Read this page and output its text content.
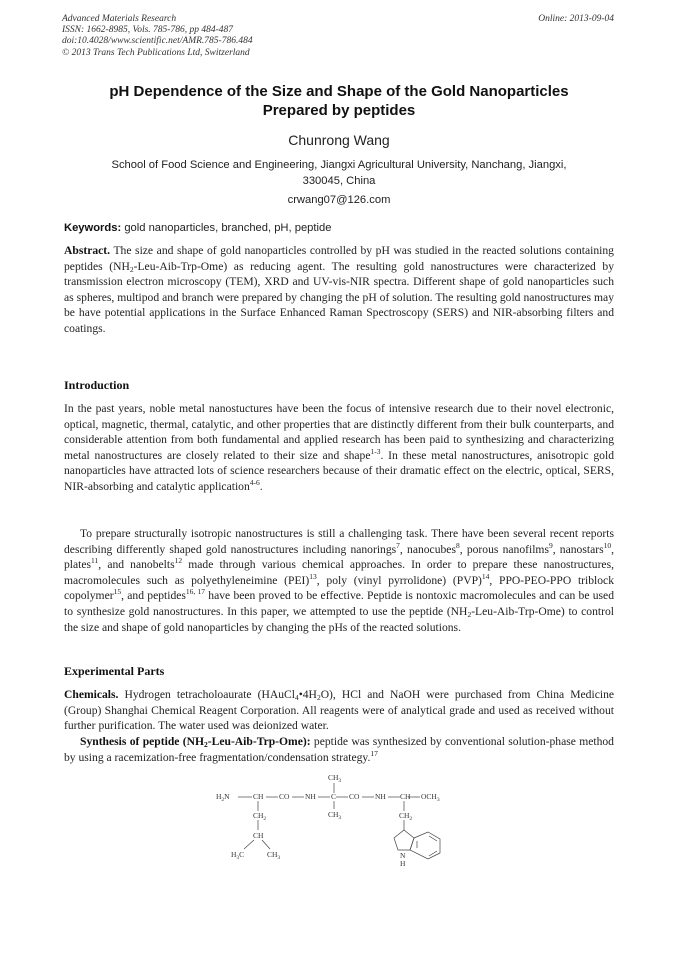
Advanced Materials Research
ISSN: 1662-8985, Vols. 785-786, pp 484-487
doi:10.4028/www.scientific.net/AMR.785-786.484
© 2013 Trans Tech Publications Ltd, Switzerland
Online: 2013-09-04
pH Dependence of the Size and Shape of the Gold Nanoparticles
Prepared by peptides
Chunrong Wang
School of Food Science and Engineering, Jiangxi Agricultural University, Nanchang, Jiangxi,
330045, China
crwang07@126.com
Keywords: gold nanoparticles, branched, pH, peptide
Abstract. The size and shape of gold nanoparticles controlled by pH was studied in the reacted solutions containing peptides $(NH_2-Leu-Aib-Trp-Ome)$ as reducing agent. The resulting gold nanostructures were characterized by transmission electron microscopy (TEM), XRD and UV-vis-NIR spectra. Different shape of gold nanoparticles such as spheres, multipod and branch were prepared by changing the pH of solution. The resulting gold nanostructures may be have potential applications in the Surface Enhanced Raman Spectroscopy (SERS) and NIR-absorbing filters and coatings.
Introduction
In the past years, noble metal nanostuctures have been the focus of intensive research due to their novel electronic, optical, magnetic, thermal, catalytic, and other properties that are distinctly different from their bulk counterparts, and considerable attention from both fundamental and applied research has been paid to synthesizing and characterizing metal nanostructures are closely related to their size and shape$^{1-3}$. In these metal nanostructures, anisotropic gold nanoparticles have attracted lots of science researchers because of their dramatic effect on the electric, optical, SERS, NIR-absorbing and catalytic application$^{4-6}$.
To prepare structurally isotropic nanostructures is still a challenging task. There have been several recent reports describing differently shaped gold nanostructures including nanorings$^7$, nanocubes$^8$, porous nanofilms$^9$, nanostars$^{10}$, plates$^{11}$, and nanobelts$^{12}$ made through various chemical approaches. In order to prepare these nanostructures, macromolecules such as polyethyleneimine (PEI)$^{13}$, poly (vinyl pyrrolidone) (PVP)$^{14}$, PPO-PEO-PPO triblock copolymer$^{15}$, and peptides$^{16, 17}$ have been proved to be effective. Peptide is nontoxic macromolecules and can be used to synthesize gold nanostructures. In this paper, we attempted to use the peptide $(NH_2-Leu-Aib-Trp-Ome)$ to control the size and shape of gold nanoparticles by changing the pHs of the reacted solutions.
Experimental Parts
Chemicals. Hydrogen tetracholoaurate $(HAuCl_4•4H_2O)$, HCl and NaOH were purchased from China Medicine (Group) Shanghai Chemical Reagent Corporation. All reagents were of analytical grade and used as received without further purification. The water used was deionized water.
Synthesis of peptide $(NH_2-Leu-Aib-Trp-Ome)$: peptide was synthesized by conventional solution-phase method by using a racemization-free fragmentation/condensation strategy.$^{17}$
$H_2N$	CH CO NH C CO NH CH $OCH_3$
$CH_3$
$CH_3$
$CH_2$
CH
$H_3C$	$CH_3$
$CH_2$
N
H
